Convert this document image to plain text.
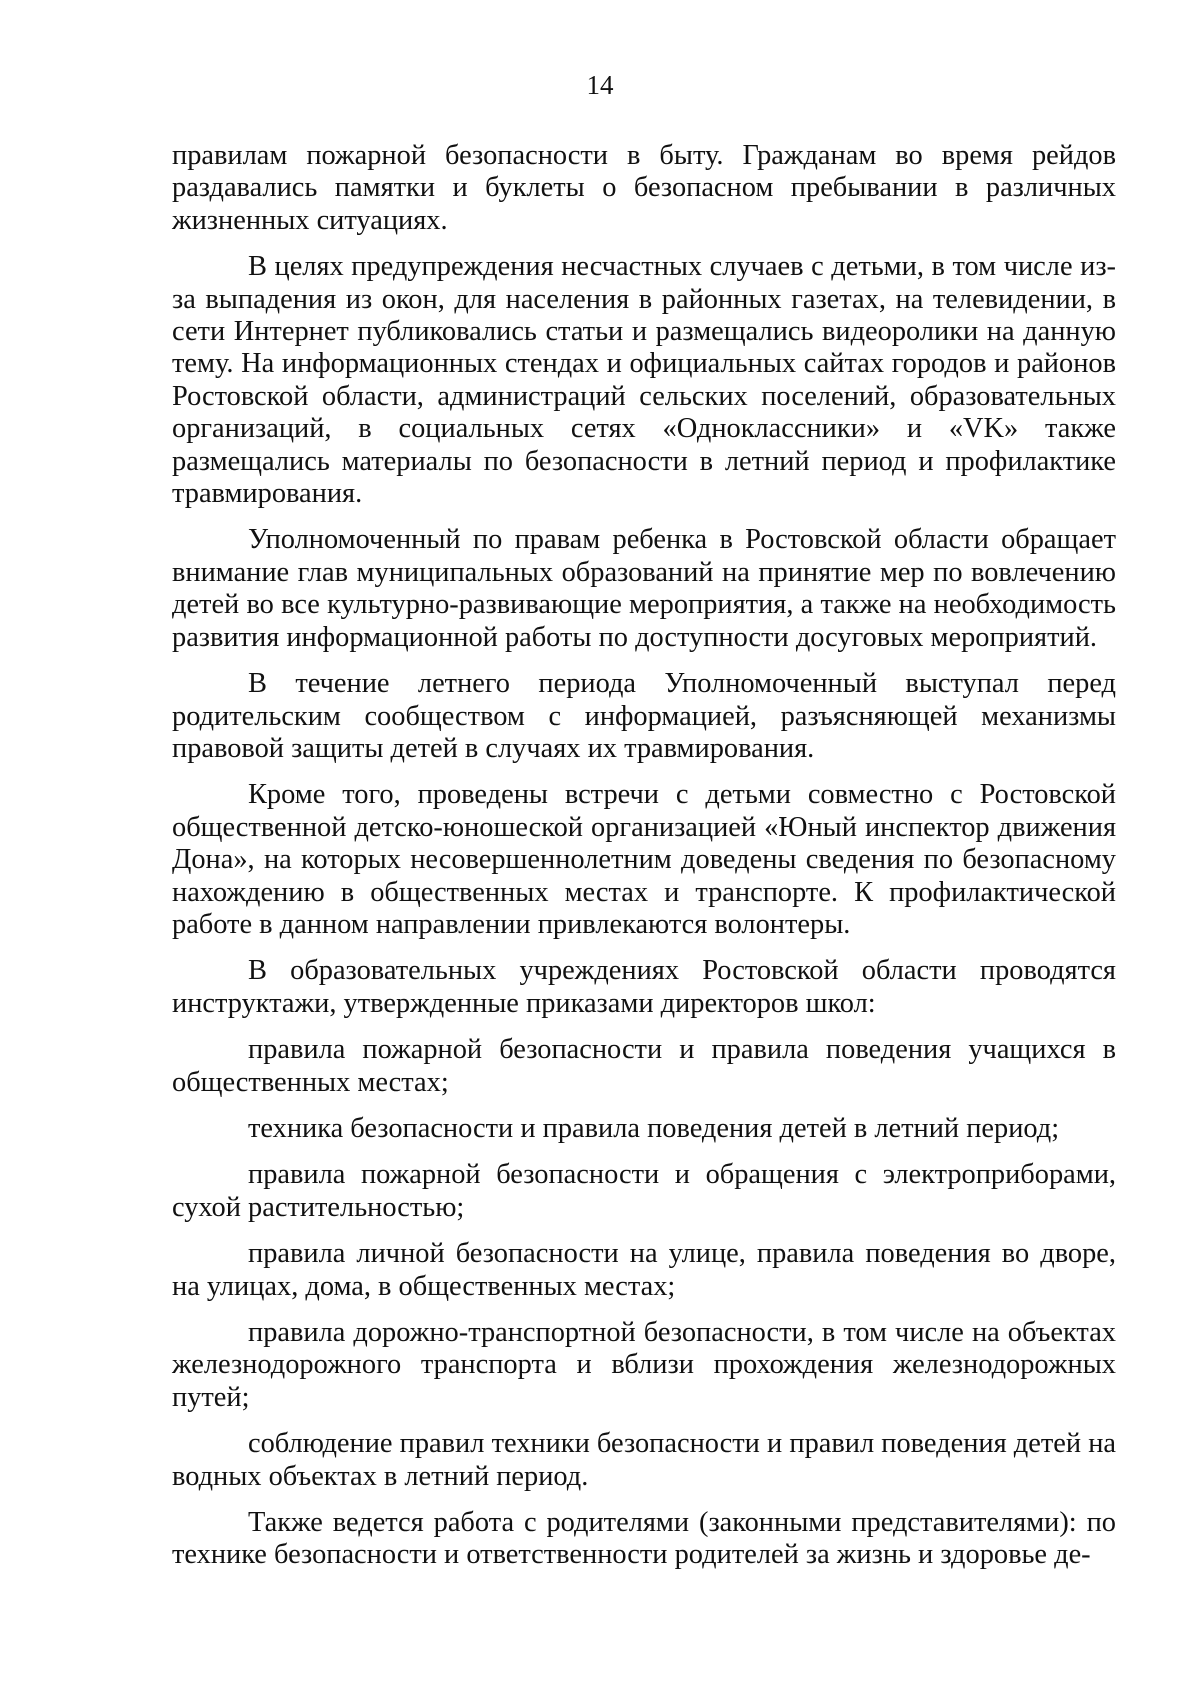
14

правилам пожарной безопасности в быту. Гражданам во время рейдов раздавались памятки и буклеты о безопасном пребывании в различных жизненных ситуациях.

В целях предупреждения несчастных случаев с детьми, в том числе из-за выпадения из окон, для населения в районных газетах, на телевидении, в сети Интернет публиковались статьи и размещались видеоролики на данную тему. На информационных стендах и официальных сайтах городов и районов Ростовской области, администраций сельских поселений, образовательных организаций, в социальных сетях «Одноклассники» и «VK» также размещались материалы по безопасности в летний период и профилактике травмирования.

Уполномоченный по правам ребенка в Ростовской области обращает внимание глав муниципальных образований на принятие мер по вовлечению детей во все культурно-развивающие мероприятия, а также на необходимость развития информационной работы по доступности досуговых мероприятий.

В течение летнего периода Уполномоченный выступал перед родительским сообществом с информацией, разъясняющей механизмы правовой защиты детей в случаях их травмирования.

Кроме того, проведены встречи с детьми совместно с Ростовской общественной детско-юношеской организацией «Юный инспектор движения Дона», на которых несовершеннолетним доведены сведения по безопасному нахождению в общественных местах и транспорте. К профилактической работе в данном направлении привлекаются волонтеры.

В образовательных учреждениях Ростовской области проводятся инструктажи, утвержденные приказами директоров школ:

правила пожарной безопасности и правила поведения учащихся в общественных местах;

техника безопасности и правила поведения детей в летний период;

правила пожарной безопасности и обращения с электроприборами, сухой растительностью;

правила личной безопасности на улице, правила поведения во дворе, на улицах, дома, в общественных местах;

правила дорожно-транспортной безопасности, в том числе на объектах железнодорожного транспорта и вблизи прохождения железнодорожных путей;

соблюдение правил техники безопасности и правил поведения детей на водных объектах в летний период.

Также ведется работа с родителями (законными представителями): по технике безопасности и ответственности родителей за жизнь и здоровье де-
